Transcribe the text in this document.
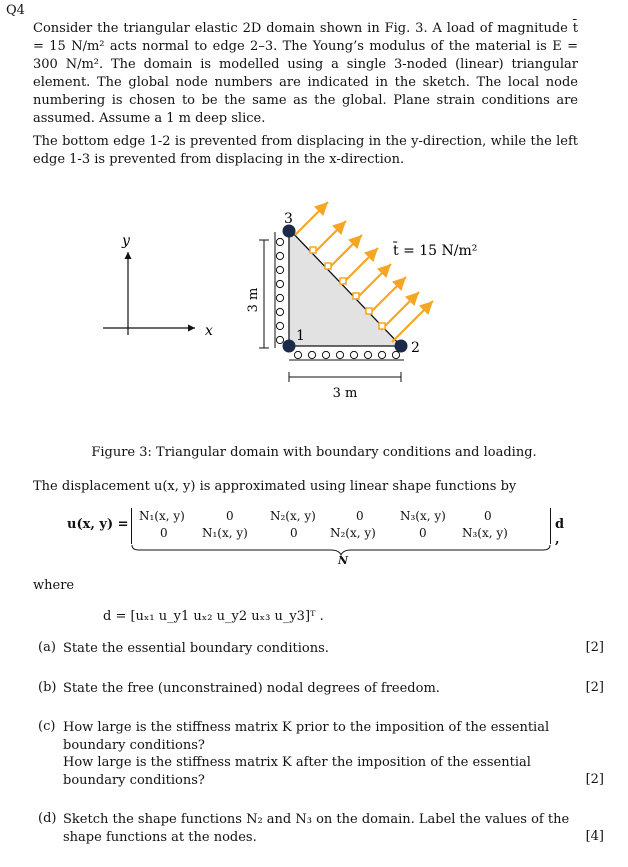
Q4
Consider the triangular elastic 2D domain shown in Fig. 3. A load of magnitude t̄ = 15 N/m² acts normal to edge 2–3. The Young’s modulus of the material is E = 300 N/m². The domain is modelled using a single 3-noded (linear) triangular element. The global node numbers are indicated in the sketch. The local node numbering is chosen to be the same as the global. Plane strain conditions are assumed. Assume a 1 m deep slice.
The bottom edge 1-2 is prevented from displacing in the y-direction, while the left edge 1-3 is prevented from displacing in the x-direction.
y
x
3
1
2
t̄ = 15 N/m²
3 m
3 m
Figure 3: Triangular domain with boundary conditions and loading.
The displacement u(x, y) is approximated using linear shape functions by
u(x, y) =
N₁(x, y)	0	N₂(x, y)	0	N₃(x, y)	0
0	N₁(x, y)	0	N₂(x, y)	0	N₃(x, y)
d ,
N
where
d = [uₓ₁ u_y1 uₓ₂ u_y2 uₓ₃ u_y3]ᵀ .
(a) State the essential boundary conditions.	[2]
(b) State the free (unconstrained) nodal degrees of freedom.	[2]
(c) How large is the stiffness matrix K prior to the imposition of the essential boundary conditions?
How large is the stiffness matrix K after the imposition of the essential boundary conditions?	[2]
(d) Sketch the shape functions N₂ and N₃ on the domain. Label the values of the shape functions at the nodes.	[4]
